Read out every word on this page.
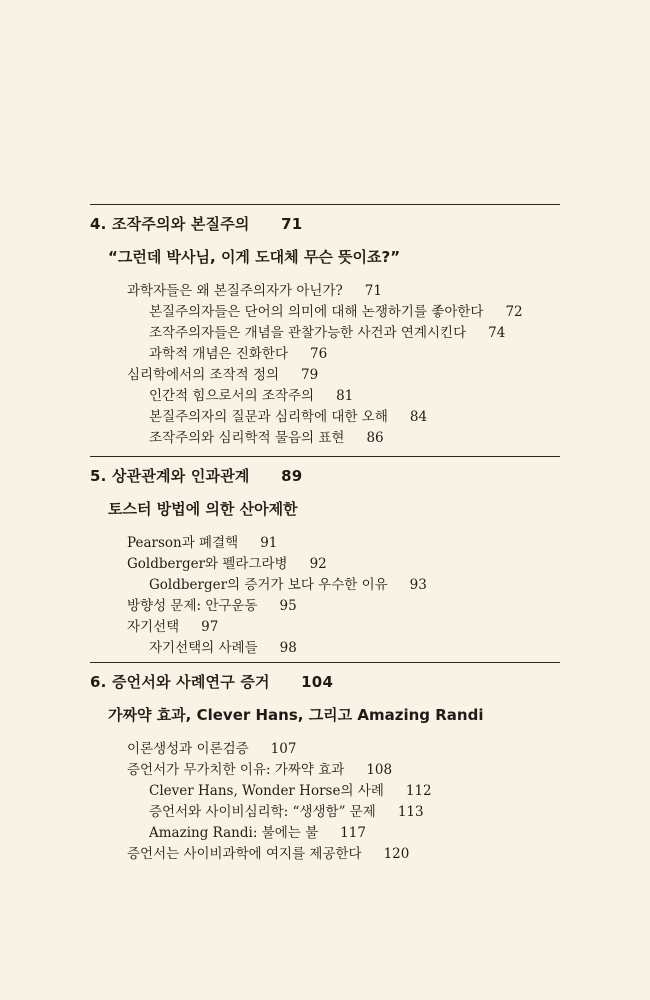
4. 조작주의와 본질주의 71
“그런데 박사님, 이게 도대체 무슨 뜻이죠?”
과학자들은 왜 본질주의자가 아닌가? 71
본질주의자들은 단어의 의미에 대해 논쟁하기를 좋아한다 72
조작주의자들은 개념을 관찰가능한 사건과 연계시킨다 74
과학적 개념은 진화한다 76
심리학에서의 조작적 정의 79
인간적 힘으로서의 조작주의 81
본질주의자의 질문과 심리학에 대한 오해 84
조작주의와 심리학적 물음의 표현 86
5. 상관관계와 인과관계 89
토스터 방법에 의한 산아제한
Pearson과 폐결핵 91
Goldberger와 펠라그라병 92
Goldberger의 증거가 보다 우수한 이유 93
방향성 문제: 안구운동 95
자기선택 97
자기선택의 사례들 98
6. 증언서와 사례연구 증거 104
가짜약 효과, Clever Hans, 그리고 Amazing Randi
이론생성과 이론검증 107
증언서가 무가치한 이유: 가짜약 효과 108
Clever Hans, Wonder Horse의 사례 112
증언서와 사이비심리학: “생생함” 문제 113
Amazing Randi: 불에는 불 117
증언서는 사이비과학에 여지를 제공한다 120
